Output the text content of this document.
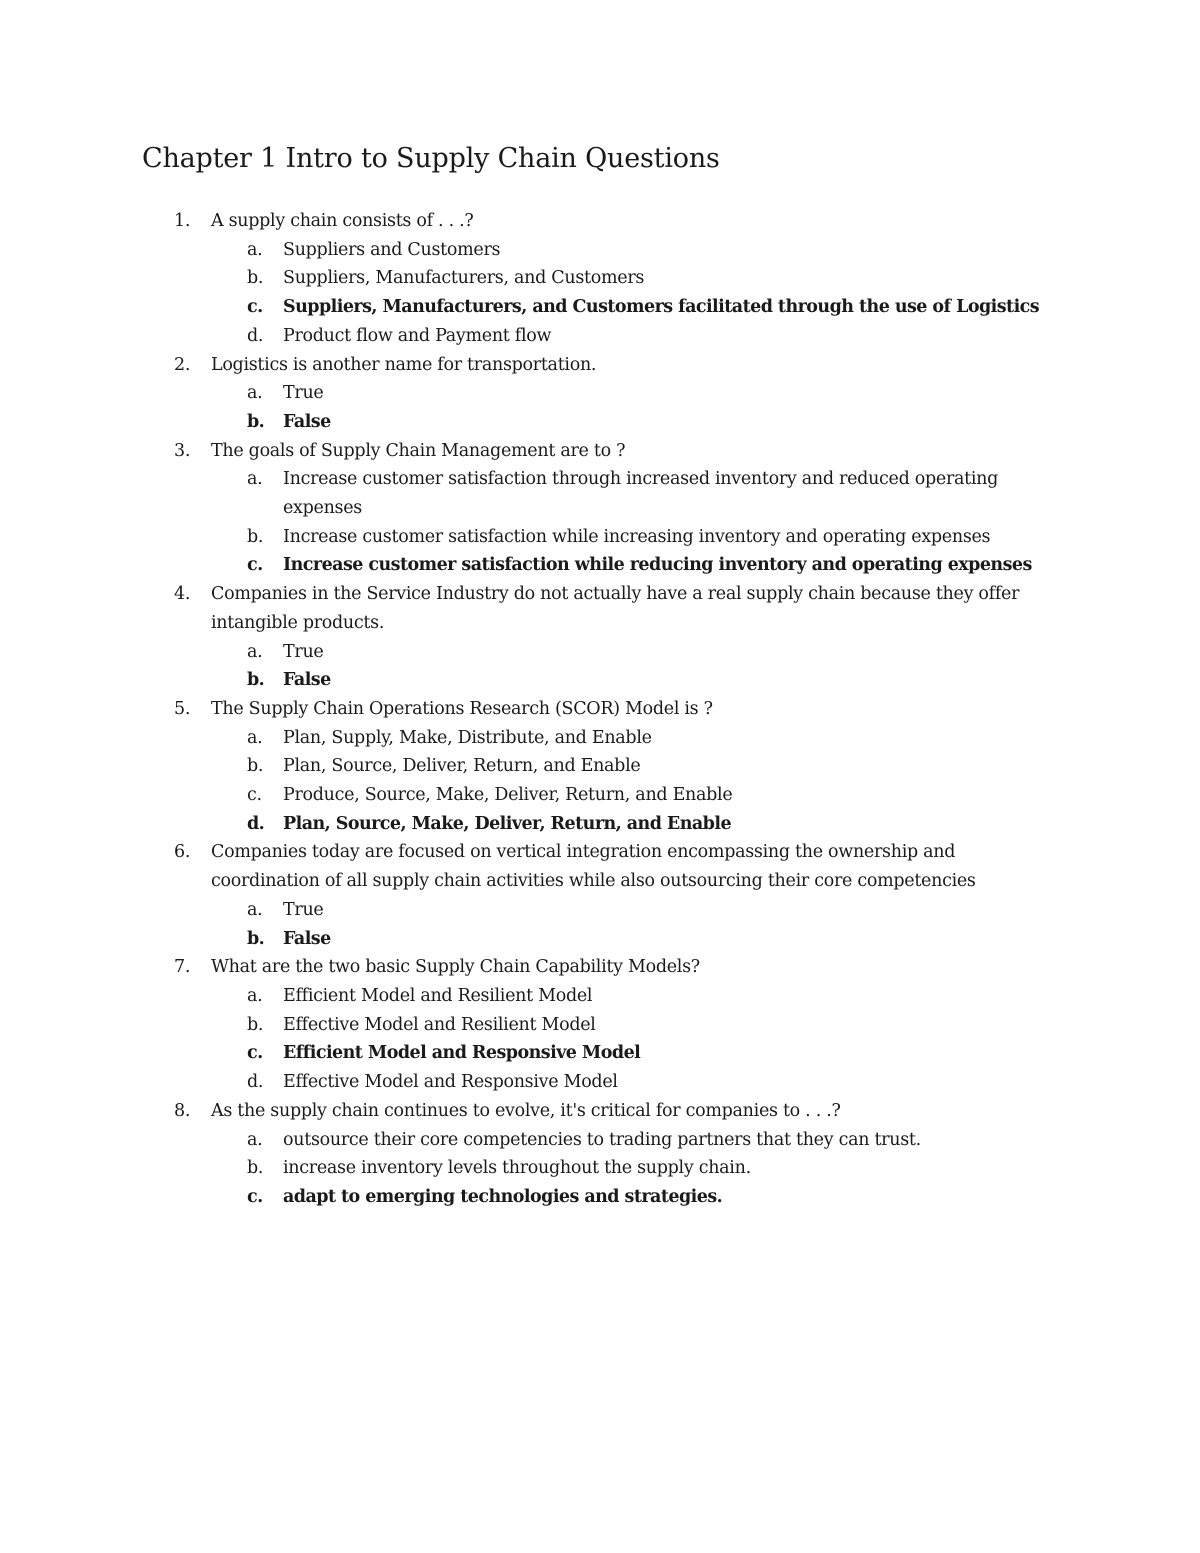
Chapter 1 Intro to Supply Chain Questions
1. A supply chain consists of . . .?
a. Suppliers and Customers
b. Suppliers, Manufacturers, and Customers
c. Suppliers, Manufacturers, and Customers facilitated through the use of Logistics
d. Product flow and Payment flow
2. Logistics is another name for transportation.
a. True
b. False
3. The goals of Supply Chain Management are to ?
a. Increase customer satisfaction through increased inventory and reduced operating expenses
b. Increase customer satisfaction while increasing inventory and operating expenses
c. Increase customer satisfaction while reducing inventory and operating expenses
4. Companies in the Service Industry do not actually have a real supply chain because they offer intangible products.
a. True
b. False
5. The Supply Chain Operations Research (SCOR) Model is ?
a. Plan, Supply, Make, Distribute, and Enable
b. Plan, Source, Deliver, Return, and Enable
c. Produce, Source, Make, Deliver, Return, and Enable
d. Plan, Source, Make, Deliver, Return, and Enable
6. Companies today are focused on vertical integration encompassing the ownership and coordination of all supply chain activities while also outsourcing their core competencies
a. True
b. False
7. What are the two basic Supply Chain Capability Models?
a. Efficient Model and Resilient Model
b. Effective Model and Resilient Model
c. Efficient Model and Responsive Model
d. Effective Model and Responsive Model
8. As the supply chain continues to evolve, it's critical for companies to . . .?
a. outsource their core competencies to trading partners that they can trust.
b. increase inventory levels throughout the supply chain.
c. adapt to emerging technologies and strategies.
